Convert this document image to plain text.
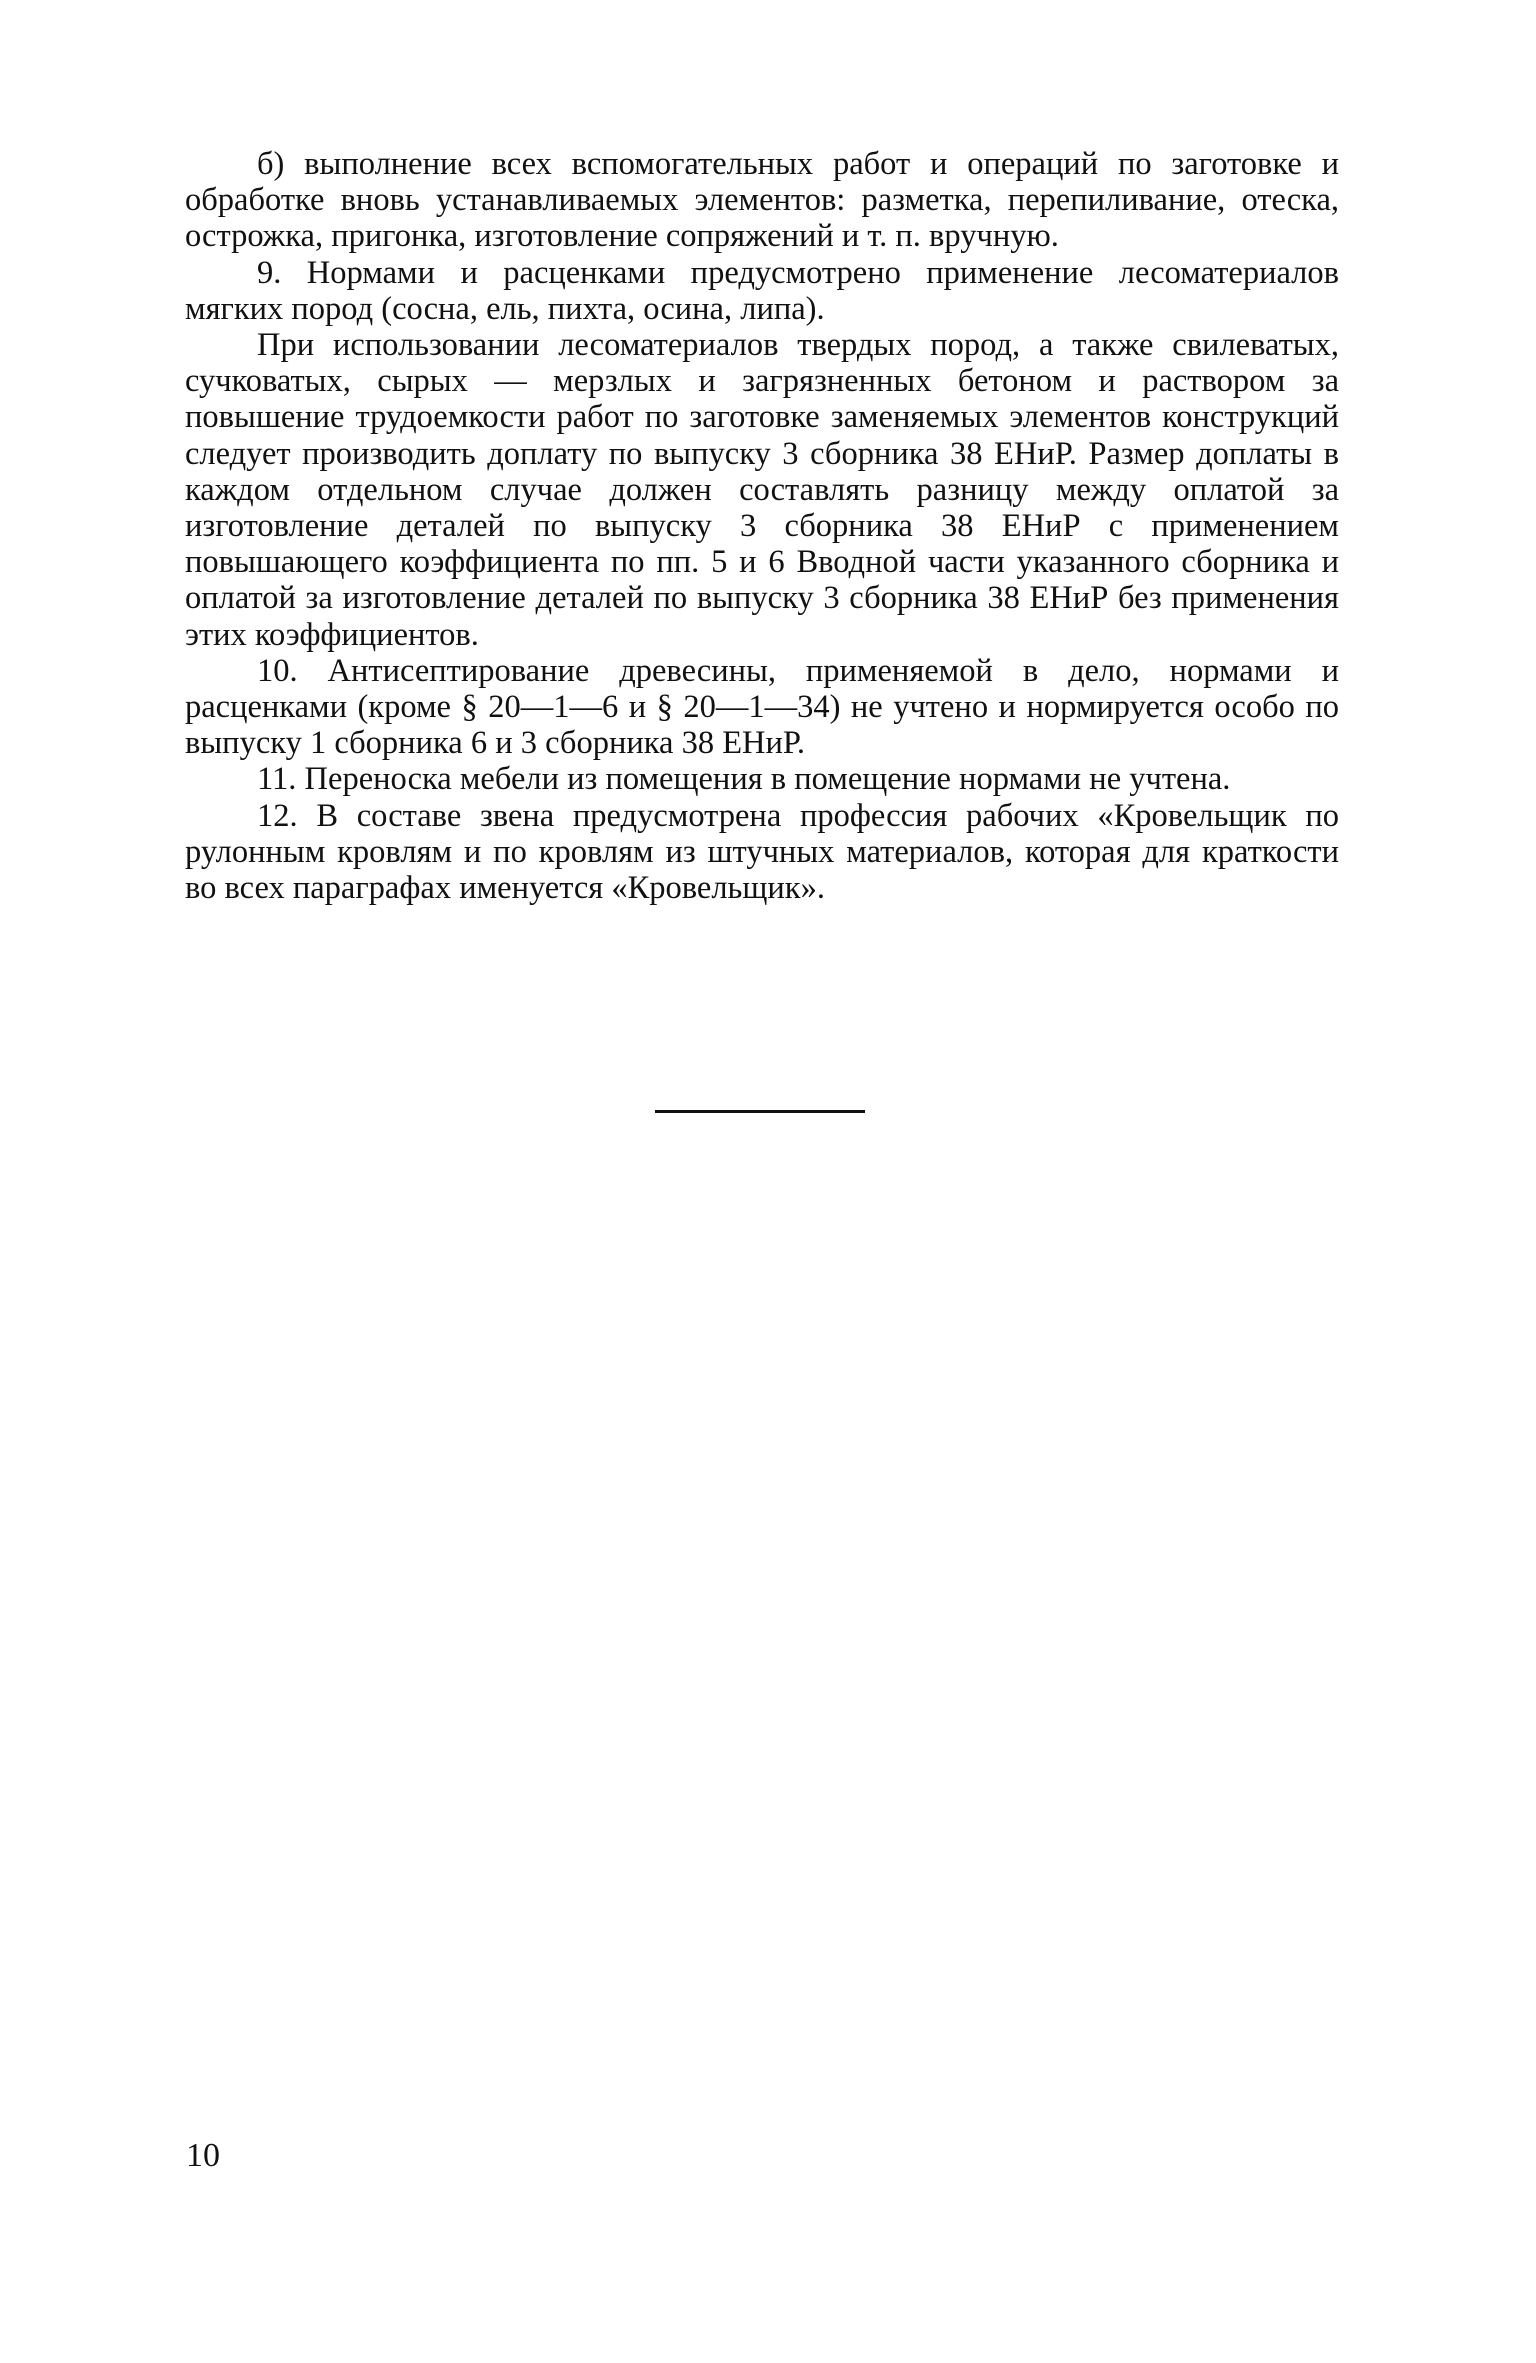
б) выполнение всех вспомогательных работ и операций по заготовке и обработке вновь устанавливаемых элементов: разметка, перепиливание, отеска, острожка, пригонка, изготовление сопряжений и т. п. вручную.

9. Нормами и расценками предусмотрено применение лесоматериалов мягких пород (сосна, ель, пихта, осина, липа).

При использовании лесоматериалов твердых пород, а также свилеватых, сучковатых, сырых — мерзлых и загрязненных бетоном и раствором за повышение трудоемкости работ по заготовке заменяемых элементов конструкций следует производить доплату по выпуску 3 сборника 38 ЕНиР. Размер доплаты в каждом отдельном случае должен составлять разницу между оплатой за изготовление деталей по выпуску 3 сборника 38 ЕНиР с применением повышающего коэффициента по пп. 5 и 6 Вводной части указанного сборника и оплатой за изготовление деталей по выпуску 3 сборника 38 ЕНиР без применения этих коэффициентов.

10. Антисептирование древесины, применяемой в дело, нормами и расценками (кроме § 20—1—6 и § 20—1—34) не учтено и нормируется особо по выпуску 1 сборника 6 и 3 сборника 38 ЕНиР.

11. Переноска мебели из помещения в помещение нормами не учтена.

12. В составе звена предусмотрена профессия рабочих «Кровельщик по рулонным кровлям и по кровлям из штучных материалов, которая для краткости во всех параграфах именуется «Кровельщик».

10
